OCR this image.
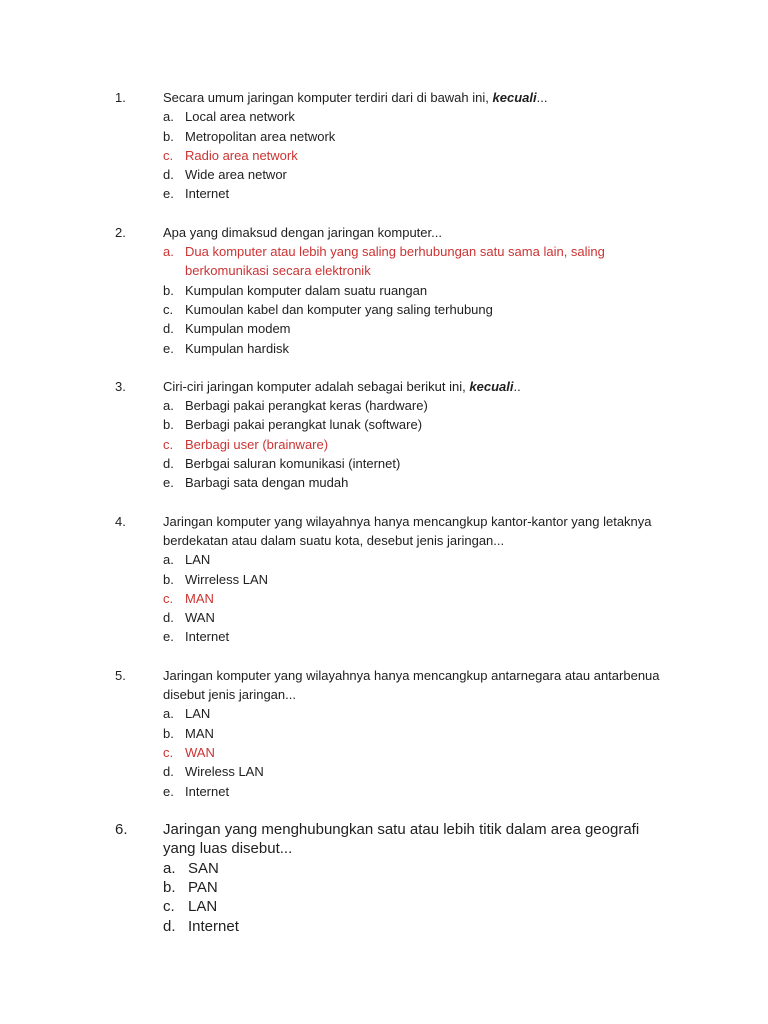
1.	Secara umum jaringan komputer terdiri dari di bawah ini, kecuali...
a. Local area network
b. Metropolitan area network
c. Radio area network
d. Wide area networ
e. Internet
2.	Apa yang dimaksud dengan jaringan komputer...
a. Dua komputer atau lebih yang saling berhubungan satu sama lain, saling berkomunikasi secara elektronik
b. Kumpulan komputer dalam suatu ruangan
c. Kumoulan kabel dan komputer yang saling terhubung
d. Kumpulan modem
e. Kumpulan hardisk
3.	Ciri-ciri jaringan komputer adalah sebagai berikut ini, kecuali..
a. Berbagi pakai perangkat keras (hardware)
b. Berbagi pakai perangkat lunak (software)
c. Berbagi user (brainware)
d. Berbgai saluran komunikasi (internet)
e. Barbagi sata dengan mudah
4.	Jaringan komputer yang wilayahnya hanya mencangkup kantor-kantor yang letaknya berdekatan atau dalam suatu kota, desebut jenis jaringan...
a. LAN
b. Wirreless LAN
c. MAN
d. WAN
e. Internet
5.	Jaringan komputer yang wilayahnya hanya mencangkup antarnegara atau antarbenua disebut jenis jaringan...
a. LAN
b. MAN
c. WAN
d. Wireless LAN
e. Internet
6.	Jaringan yang menghubungkan satu atau lebih titik dalam area geografi yang luas disebut...
a. SAN
b. PAN
c. LAN
d. Internet
